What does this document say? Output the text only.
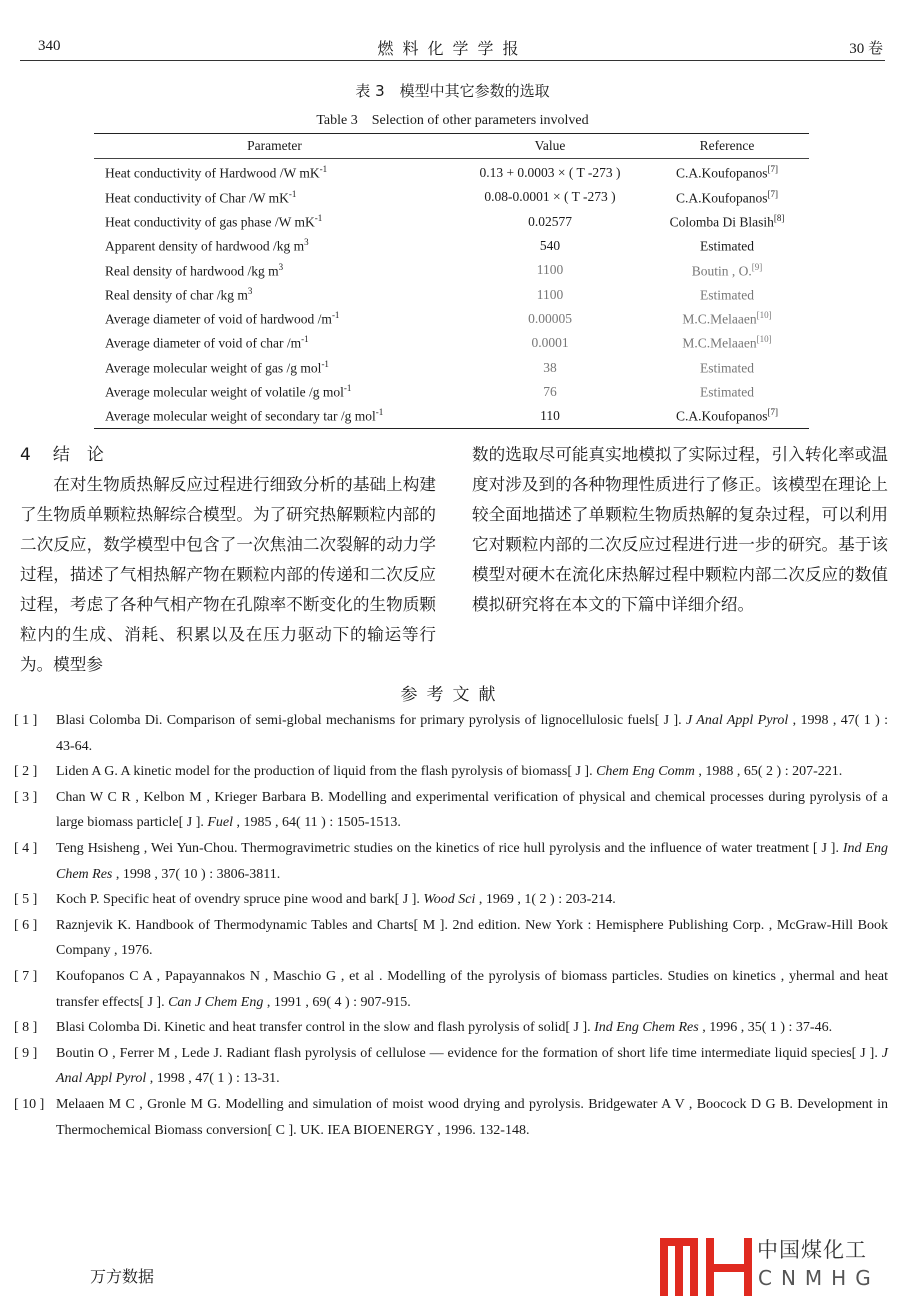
340	燃料化学学报	30 卷
表 3　模型中其它参数的选取
Table 3　Selection of other parameters involved
Parameter	Value	Reference
Heat conductivity of Hardwood /W $mK^{-1}$	0.13 + 0.0003 × ( T -273 )	C.A.Koufopanos[7]
Heat conductivity of Char /W $mK^{-1}$	0.08-0.0001 × ( T -273 )	C.A.Koufopanos[7]
Heat conductivity of gas phase /W $mK^{-1}$	0.02577	Colomba Di Blasih[8]
Apparent density of hardwood /kg $m^3$	540	Estimated
Real density of hardwood /kg $m^3$	1100	Boutin , O.[9]
Real density of char /kg $m^3$	1100	Estimated
Average diameter of void of hardwood $/m^{-1}$	0.00005	M.C.Melaaen[10]
Average diameter of void of char $/m^{-1}$	0.0001	M.C.Melaaen[10]
Average molecular weight of gas /g mol$^{-1}$	38	Estimated
Average molecular weight of volatile /g mol$^{-1}$	76	Estimated
Average molecular weight of secondary tar /g mol$^{-1}$	110	C.A.Koufopanos[7]
4 结　论

在对生物质热解反应过程进行细致分析的基础上构建了生物质单颗粒热解综合模型。为了研究热解颗粒内部的二次反应，数学模型中包含了一次焦油二次裂解的动力学过程，描述了气相热解产物在颗粒内部的传递和二次反应过程，考虑了各种气相产物在孔隙率不断变化的生物质颗粒内的生成、消耗、积累以及在压力驱动下的输运等行为。模型参

数的选取尽可能真实地模拟了实际过程，引入转化率或温度对涉及到的各种物理性质进行了修正。该模型在理论上较全面地描述了单颗粒生物质热解的复杂过程，可以利用它对颗粒内部的二次反应过程进行进一步的研究。基于该模型对硬木在流化床热解过程中颗粒内部二次反应的数值模拟研究将在本文的下篇中详细介绍。

参考文献
[ 1 ]	Blasi Colomba Di. Comparison of semi-global mechanisms for primary pyrolysis of lignocellulosic fuels[ J ]. J Anal Appl Pyrol , 1998 , 47( 1 ) : 43-64.
[ 2 ]	Liden A G. A kinetic model for the production of liquid from the flash pyrolysis of biomass[ J ]. Chem Eng Comm , 1988 , 65( 2 ) : 207-221.
[ 3 ]	Chan W C R , Kelbon M , Krieger Barbara B. Modelling and experimental verification of physical and chemical processes during pyrolysis of a large biomass particle[ J ]. Fuel , 1985 , 64( 11 ) : 1505-1513.
[ 4 ]	Teng Hsisheng , Wei Yun-Chou. Thermogravimetric studies on the kinetics of rice hull pyrolysis and the influence of water treatment [ J ]. Ind Eng Chem Res , 1998 , 37( 10 ) : 3806-3811.
[ 5 ]	Koch P. Specific heat of ovendry spruce pine wood and bark[ J ]. Wood Sci , 1969 , 1( 2 ) : 203-214.
[ 6 ]	Raznjevik K. Handbook of Thermodynamic Tables and Charts[ M ]. 2nd edition. New York : Hemisphere Publishing Corp. , McGraw-Hill Book Company , 1976.
[ 7 ]	Koufopanos C A , Papayannakos N , Maschio G , et al . Modelling of the pyrolysis of biomass particles. Studies on kinetics , yhermal and heat transfer effects[ J ]. Can J Chem Eng , 1991 , 69( 4 ) : 907-915.
[ 8 ]	Blasi Colomba Di. Kinetic and heat transfer control in the slow and flash pyrolysis of solid[ J ]. Ind Eng Chem Res , 1996 , 35( 1 ) : 37-46.
[ 9 ]	Boutin O , Ferrer M , Lede J. Radiant flash pyrolysis of cellulose — evidence for the formation of short life time intermediate liquid species[ J ]. J Anal Appl Pyrol , 1998 , 47( 1 ) : 13-31.
[ 10 ] Melaaen M C , Gronle M G. Modelling and simulation of moist wood drying and pyrolysis. Bridgewater A V , Boocock D G B. Development in Thermochemical Biomass conversion[ C ]. UK. IEA BIOENERGY , 1996. 132-148.
中国煤化工
CNMHG
万方数据
